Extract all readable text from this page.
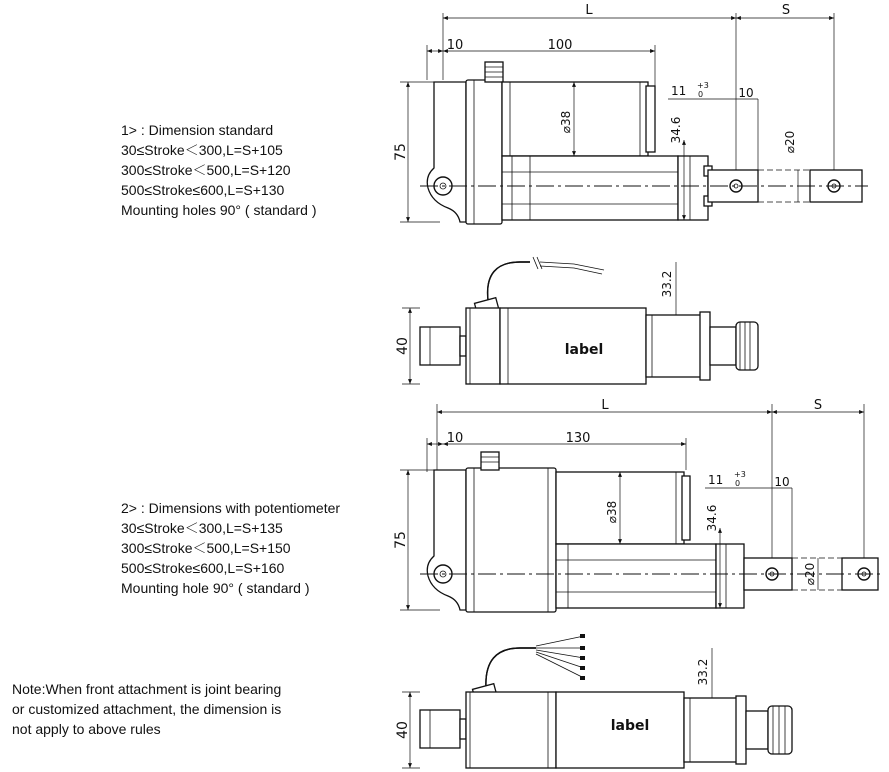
1> : Dimension standard
30≤Stroke＜300,L=S+105
300≤Stroke＜500,L=S+120
500≤Stroke≤600,L=S+130
Mounting holes 90° ( standard )
2> : Dimensions with potentiometer
30≤Stroke＜300,L=S+135
300≤Stroke＜500,L=S+150
500≤Stroke≤600,L=S+160
Mounting hole 90° ( standard )
Note:When front attachment is joint bearing
or customized attachment, the dimension is
not apply to above rules
L	S
10	100
11 +3
0	10
75
⌀38	34.6	⌀20
label
33.2
40
L	S
10	130
11 +3
0	10
75
⌀38	34.6
⌀20
label
33.2
40
